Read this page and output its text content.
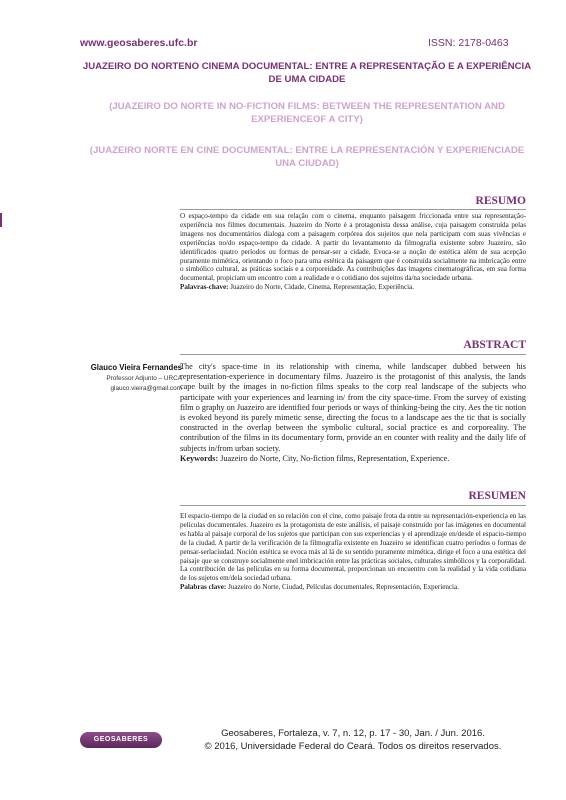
www.geosaberes.ufc.br	ISSN: 2178-0463
JUAZEIRO DO NORTENO CINEMA DOCUMENTAL: ENTRE A REPRESENTAÇÃO E A EXPERIÊNCIA DE UMA CIDADE
(JUAZEIRO DO NORTE IN NO-FICTION FILMS: BETWEEN THE REPRESENTATION AND EXPERIENCEOF A CITY)
(JUAZEIRO NORTE EN CINE DOCUMENTAL: ENTRE LA REPRESENTACIÓN Y EXPERIENCIADE UNA CIUDAD)
RESUMO
O espaço-tempo da cidade em sua relação com o cinema, enquanto paisagem friccionada entre sua representação-experiência nos filmes documentais. Juazeiro do Norte é a protagonista dessa análise, cuja paisagem construída pelas imagens nos documentários dialoga com a paisagem corpórea dos sujeitos que nela participam com suas vivências e experiências no/do espaço-tempo da cidade. A partir do levantamento da filmografia existente sobre Juazeiro, são identificados quatro períodos ou formas de pensar-ser a cidade. Evoca-se a noção de estética além de sua acepção puramente mimética, orientando o foco para uma estética da paisagem que é construída socialmente na imbricação entre o simbólico cultural, as práticas sociais e a corporeidade. As contribuições das imagens cinematográficas, em sua forma documental, propiciam um encontro com a realidade e o cotidiano dos sujeitos da/na sociedade urbana.
Palavras-chave: Juazeiro do Norte, Cidade, Cinema, Representação, Experiência.
ABSTRACT
The city's space-time in its relationship with cinema, while landscaper dubbed between his representation-experience in documentary films. Juazeiro is the protagonist of this analysis, the lands cape built by the images in no-fiction films speaks to the corp real landscape of the subjects who participate with your experiences and learning in/ from the city space-time. From the survey of existing film o graphy on Juazeiro are identified four periods or ways of thinking-being the city. Aes the tic notion is evoked beyond its purely mimetic sense, directing the focus to a landscape aes the tic that is socially constructed in the overlap between the symbolic cultural, social practice es and corporeality. The contribution of the films in its documentary form, provide an en counter with reality and the daily life of subjects in/from urban society.
Keywords: Juazeiro do Norte, City, No-fiction films, Representation, Experience.
Glauco Vieira Fernandes
Professor Adjunto – URCA
glauco.vieira@gmail.com
RESUMEN
El espacio-tiempo de la ciudad en su relación con el cine, como paisaje frota da entre su representación-experiencia en las películas documentales. Juazeiro es la protagonista de este análisis, el paisaje construido por las imágenes en documental es habla al paisaje corporal de los sujetos que participan con sus experiencias y el aprendizaje en/desde el espacio-tiempo de la ciudad. A partir de la verificación de la filmografía existente en Juazeiro se identifican cuatro períodos o formas de pensar-serlaciudad. Noción estética se evoca más al lá de su sentido puramente mimética, dirige el foco a una estética del paisaje que se construye socialmente enel imbricación entre las prácticas sociales, culturales simbólicos y la corporalidad. La contribución de las películas en su forma documental, proporcionan un encuentro con la realidad y la vida cotidiana de los sujetos em/dela sociedad urbana.
Palabras clave: Juazeiro do Norte, Ciudad, Películas documentales, Representación, Experiencia.
GEOSABERES
Geosaberes, Fortaleza, v. 7, n. 12, p. 17 - 30, Jan. / Jun. 2016.
© 2016, Universidade Federal do Ceará. Todos os direitos reservados.
